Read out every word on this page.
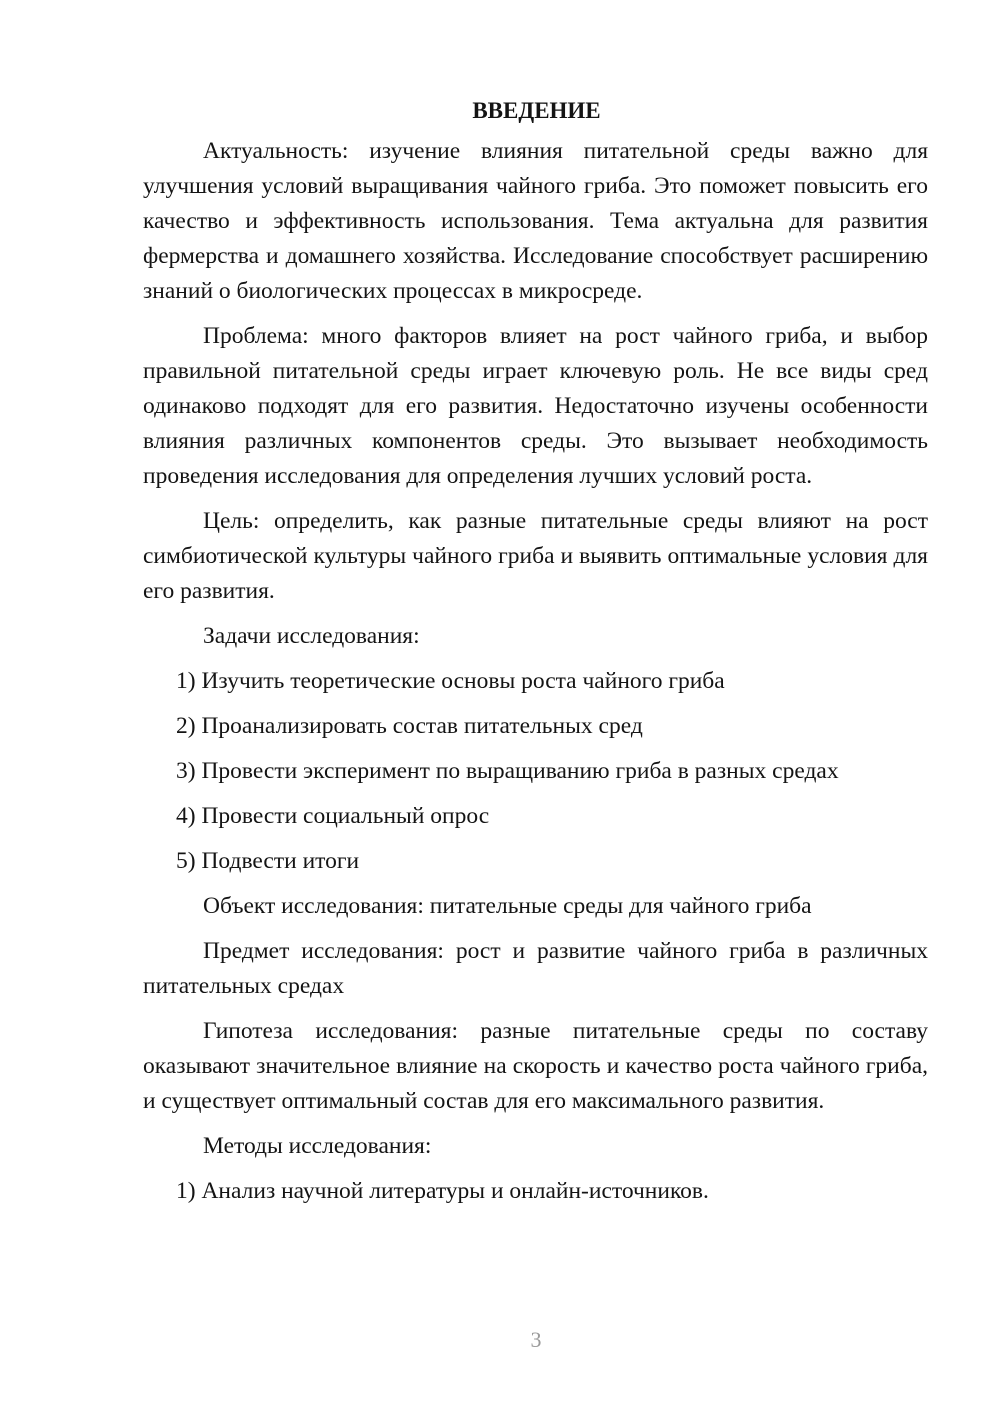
ВВЕДЕНИЕ

Актуальность: изучение влияния питательной среды важно для улучшения условий выращивания чайного гриба. Это поможет повысить его качество и эффективность использования. Тема актуальна для развития фермерства и домашнего хозяйства. Исследование способствует расширению знаний о биологических процессах в микросреде.

Проблема: много факторов влияет на рост чайного гриба, и выбор правильной питательной среды играет ключевую роль. Не все виды сред одинаково подходят для его развития. Недостаточно изучены особенности влияния различных компонентов среды. Это вызывает необходимость проведения исследования для определения лучших условий роста.

Цель: определить, как разные питательные среды влияют на рост симбиотической культуры чайного гриба и выявить оптимальные условия для его развития.

Задачи исследования:

1) Изучить теоретические основы роста чайного гриба
2) Проанализировать состав питательных сред
3) Провести эксперимент по выращиванию гриба в разных средах
4) Провести социальный опрос
5) Подвести итоги

Объект исследования: питательные среды для чайного гриба

Предмет исследования: рост и развитие чайного гриба в различных питательных средах

Гипотеза исследования: разные питательные среды по составу оказывают значительное влияние на скорость и качество роста чайного гриба, и существует оптимальный состав для его максимального развития.

Методы исследования:

1) Анализ научной литературы и онлайн-источников.
3
